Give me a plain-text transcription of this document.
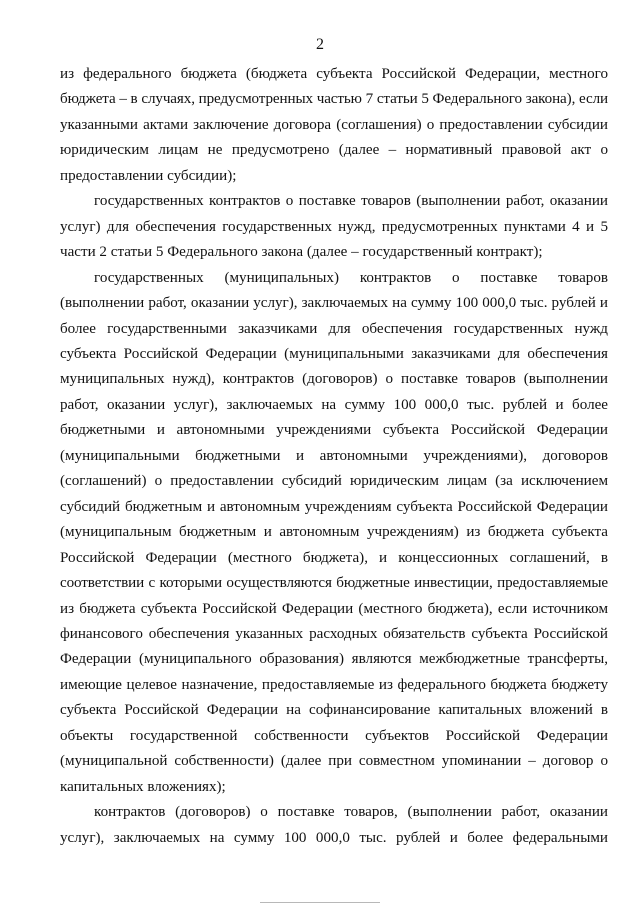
2
из федерального бюджета (бюджета субъекта Российской Федерации, местного
бюджета – в случаях, предусмотренных частью 7 статьи 5 Федерального закона), если
указанными актами заключение договора (соглашения) о предоставлении субсидии
юридическим лицам не предусмотрено (далее – нормативный правовой акт о
предоставлении субсидии);
государственных контрактов о поставке товаров (выполнении работ, оказании
услуг) для обеспечения государственных нужд, предусмотренных пунктами 4 и 5
части 2 статьи 5 Федерального закона (далее – государственный контракт);
государственных (муниципальных) контрактов о поставке товаров
(выполнении работ, оказании услуг), заключаемых на сумму 100 000,0 тыс. рублей и
более государственными заказчиками для обеспечения государственных нужд
субъекта Российской Федерации (муниципальными заказчиками для обеспечения
муниципальных нужд), контрактов (договоров) о поставке товаров (выполнении
работ, оказании услуг), заключаемых на сумму 100 000,0 тыс. рублей и более
бюджетными и автономными учреждениями субъекта Российской Федерации
(муниципальными бюджетными и автономными учреждениями), договоров
(соглашений) о предоставлении субсидий юридическим лицам (за исключением
субсидий бюджетным и автономным учреждениям субъекта Российской Федерации
(муниципальным бюджетным и автономным учреждениям) из бюджета субъекта
Российской Федерации (местного бюджета), и концессионных соглашений, в
соответствии с которыми осуществляются бюджетные инвестиции, предоставляемые
из бюджета субъекта Российской Федерации (местного бюджета), если источником
финансового обеспечения указанных расходных обязательств субъекта Российской
Федерации (муниципального образования) являются межбюджетные трансферты,
имеющие целевое назначение, предоставляемые из федерального бюджета бюджету
субъекта Российской Федерации на софинансирование капитальных вложений в
объекты государственной собственности субъектов Российской Федерации
(муниципальной собственности) (далее при совместном упоминании – договор о
капитальных вложениях);
контрактов (договоров) о поставке товаров, (выполнении работ, оказании
услуг), заключаемых на сумму 100 000,0 тыс. рублей и более федеральными
